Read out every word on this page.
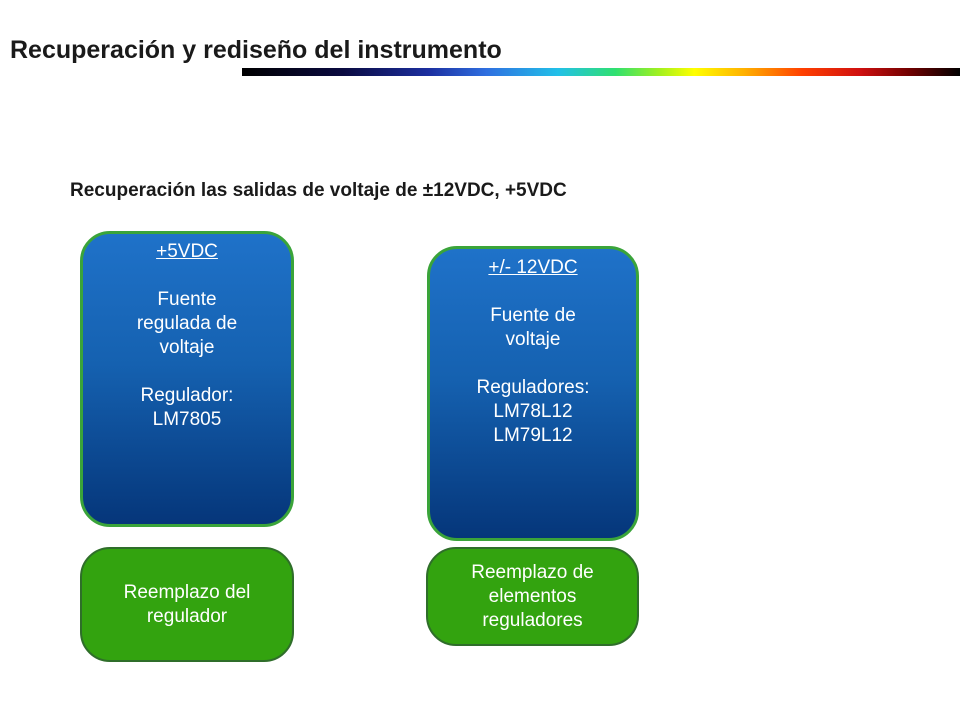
Recuperación y rediseño del instrumento
Recuperación las salidas de voltaje de ±12VDC, +5VDC

+5VDC

Fuente

regulada de

voltaje

Regulador:

LM7805

Reemplazo del

regulador

+/- 12VDC

Fuente de

voltaje

Reguladores:

LM78L12

LM79L12

Reemplazo de

elementos

reguladores
